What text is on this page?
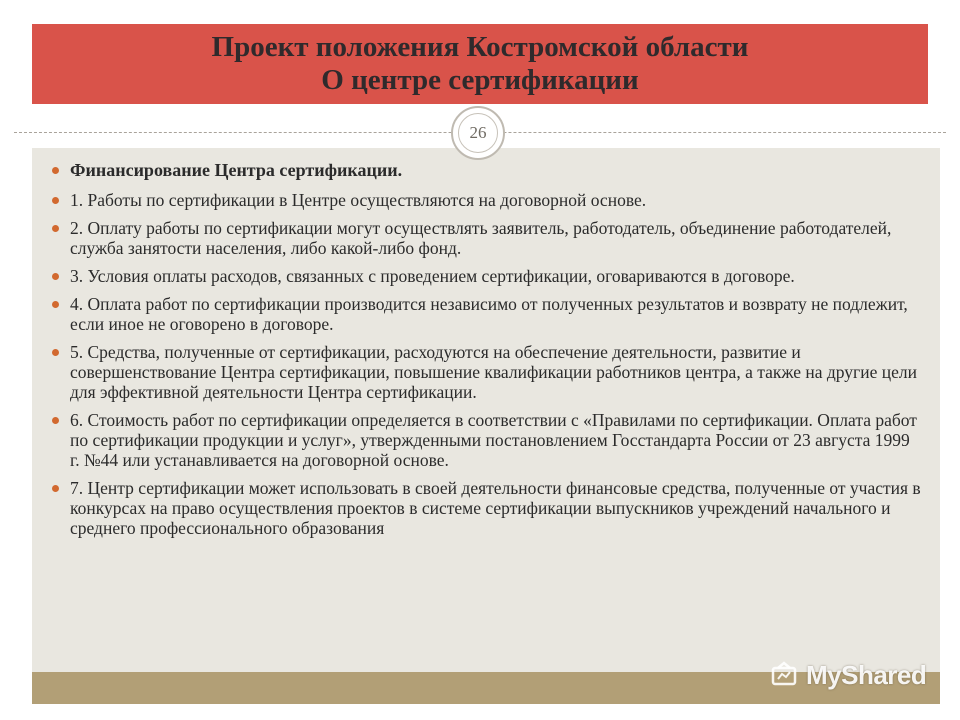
Проект положения Костромской области
О центре сертификации
26
Финансирование Центра сертификации.
1. Работы по сертификации в Центре осуществляются на договорной основе.
2. Оплату работы по сертификации могут осуществлять заявитель, работодатель, объединение работодателей, служба занятости населения, либо какой-либо фонд.
3. Условия оплаты расходов, связанных с проведением сертификации, оговариваются в договоре.
4. Оплата работ по сертификации производится независимо от полученных результатов и возврату не подлежит, если иное не оговорено в договоре.
5. Средства, полученные от сертификации, расходуются на обеспечение деятельности, развитие и совершенствование Центра сертификации, повышение квалификации работников центра, а также на другие цели для эффективной деятельности Центра сертификации.
6. Стоимость работ по сертификации определяется в соответствии с «Правилами по сертификации. Оплата работ по сертификации продукции и услуг», утвержденными постановлением Госстандарта России от 23 августа 1999 г. №44 или устанавливается на договорной основе.
7. Центр сертификации может использовать в своей деятельности финансовые средства, полученные от участия в конкурсах на право осуществления проектов в системе сертификации выпускников учреждений начального и среднего профессионального образования
MyShared
